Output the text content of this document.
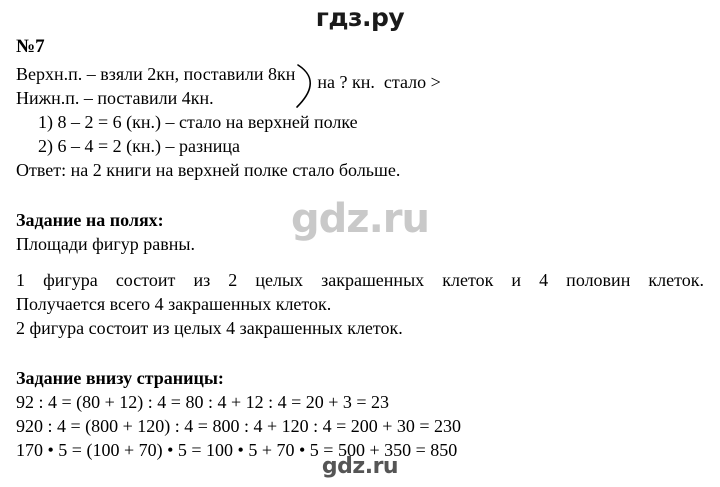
гдз.ру
№7
Верхн.п. – взяли 2кн, поставили 8кн
Нижн.п. – поставили 4кн.
на ? кн.  стало >
1) 8 – 2 = 6 (кн.) – стало на верхней полке
2) 6 – 4 = 2 (кн.) – разница
Ответ: на 2 книги на верхней полке стало больше.
Задание на полях:
Площади фигур равны.
1 фигура состоит из 2 целых закрашенных клеток и 4 половин клеток.
Получается всего 4 закрашенных клеток.
2 фигура состоит из целых 4 закрашенных клеток.
Задание внизу страницы:
92 : 4 = (80 + 12) : 4 = 80 : 4 + 12 : 4 = 20 + 3 = 23
920 : 4 = (800 + 120) : 4 = 800 : 4 + 120 : 4 = 200 + 30 = 230
170 • 5 = (100 + 70) • 5 = 100 • 5 + 70 • 5 = 500 + 350 = 850
gdz.ru
gdz.ru
